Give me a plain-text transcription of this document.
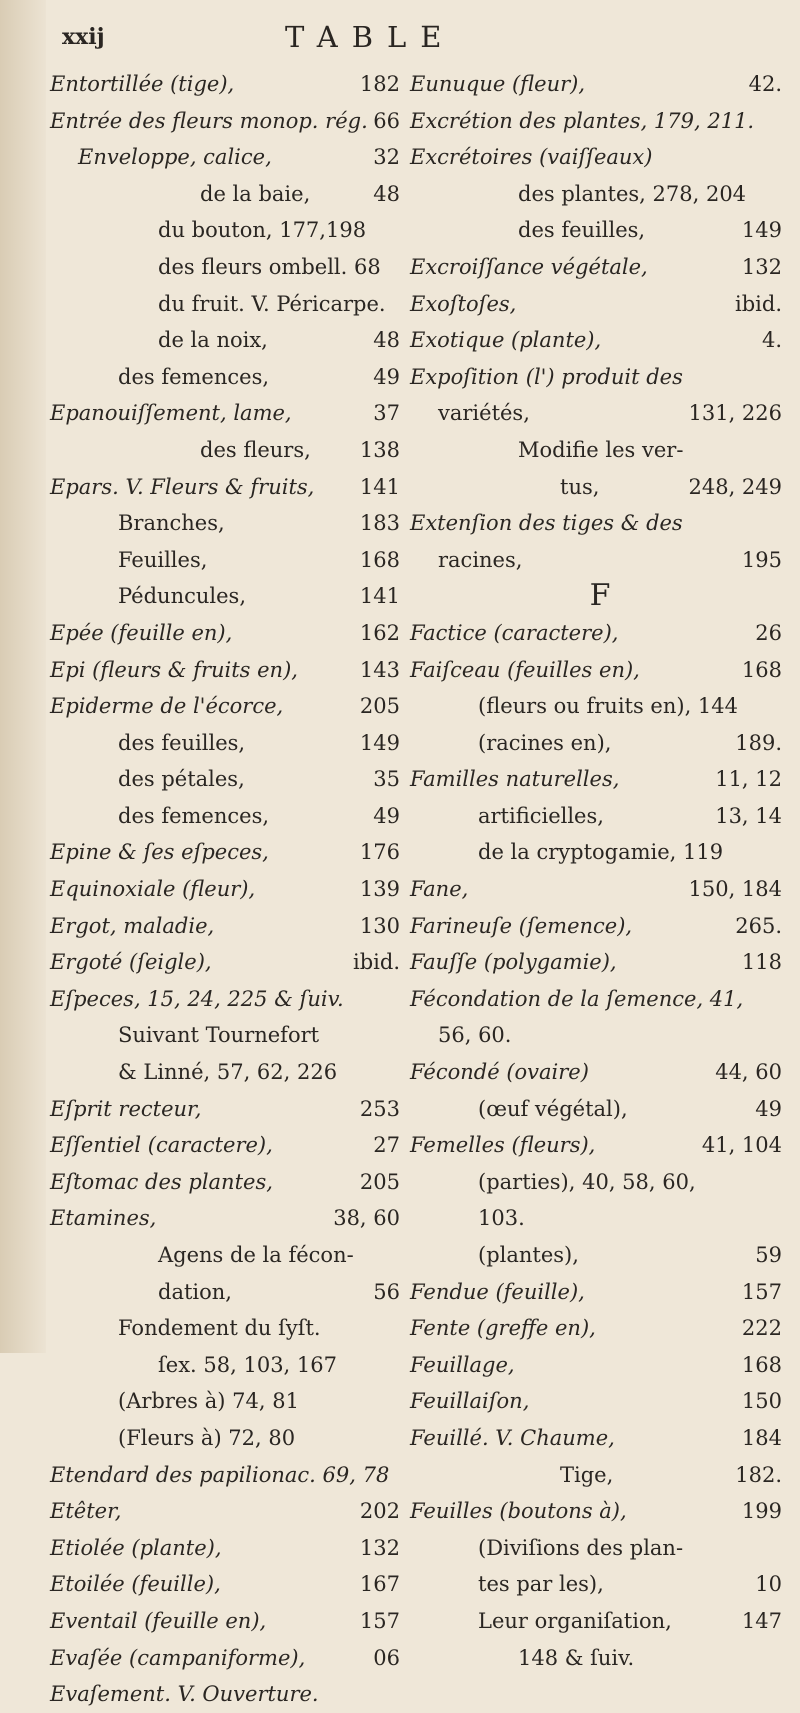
xxij	TABLE
Entortillée (tige),	182
Entrée des fleurs monop. rég. 66
Enveloppe, calice,	32
de la baie,	48
du bouton, 177,198
des fleurs ombell. 68
du fruit. V. Péricarpe.
de la noix,	48
des femences,	49
Epanouiſſement, lame,	37
des fleurs, 138
Epars. V. Fleurs & fruits, 141
Branches,	183
Feuilles,	168
Péduncules,	141
Epée (feuille en),	162
Epi (fleurs & fruits en),	143
Epiderme de l'écorce,	205
des feuilles,	149
des pétales,	35
des femences,	49
Epine & ſes eſpeces,	176
Equinoxiale (fleur),	139
Ergot, maladie,	130
Ergoté (ſeigle),	ibid.
Eſpeces, 15, 24, 225 & ſuiv.
Suivant Tournefort
& Linné, 57, 62, 226
Eſprit recteur,	253
Eſſentiel (caractere),	27
Eſtomac des plantes,	205
Etamines,	38, 60
Agens de la fécon-
dation,	56
Fondement du ſyſt.
ſex. 58, 103, 167
(Arbres à) 74, 81
(Fleurs à) 72, 80
Etendard des papilionac. 69, 78
Etêter,	202
Etiolée (plante),	132
Etoilée (feuille),	167
Eventail (feuille en),	157
Evaſée (campaniforme),	06
Evaſement. V. Ouverture.
Eunuque (fleur),	42.
Excrétion des plantes, 179, 211.
Excrétoires (vaiſſeaux)
des plantes, 278, 204
des feuilles,	149
Excroiſſance végétale,	132
Exoſtoſes,	ibid.
Exotique (plante),	4.
Expoſition (l') produit des
variétés,	131, 226
Modifie les ver-
tus,	248, 249
Extenſion des tiges & des
racines,	195
F
Factice (caractere),	26
Faiſceau (feuilles en),	168
(fleurs ou fruits en), 144
(racines en),	189.
Familles naturelles,	11, 12
artificielles,	13, 14
de la cryptogamie, 119
Fane,	150, 184
Farineuſe (ſemence),	265.
Fauſſe (polygamie),	118
Fécondation de la ſemence, 41,
56, 60.
Fécondé (ovaire)	44, 60
(œuf végétal),	49
Femelles (fleurs),	41, 104
(parties), 40, 58, 60,
103.
(plantes),	59
Fendue (feuille),	157
Fente (greffe en),	222
Feuillage,	168
Feuillaiſon,	150
Feuillé. V. Chaume,	184
Tige,	182.
Feuilles (boutons à),	199
(Diviſions des plan-
tes par les),	10
Leur organiſation,	147
148 & ſuiv.
